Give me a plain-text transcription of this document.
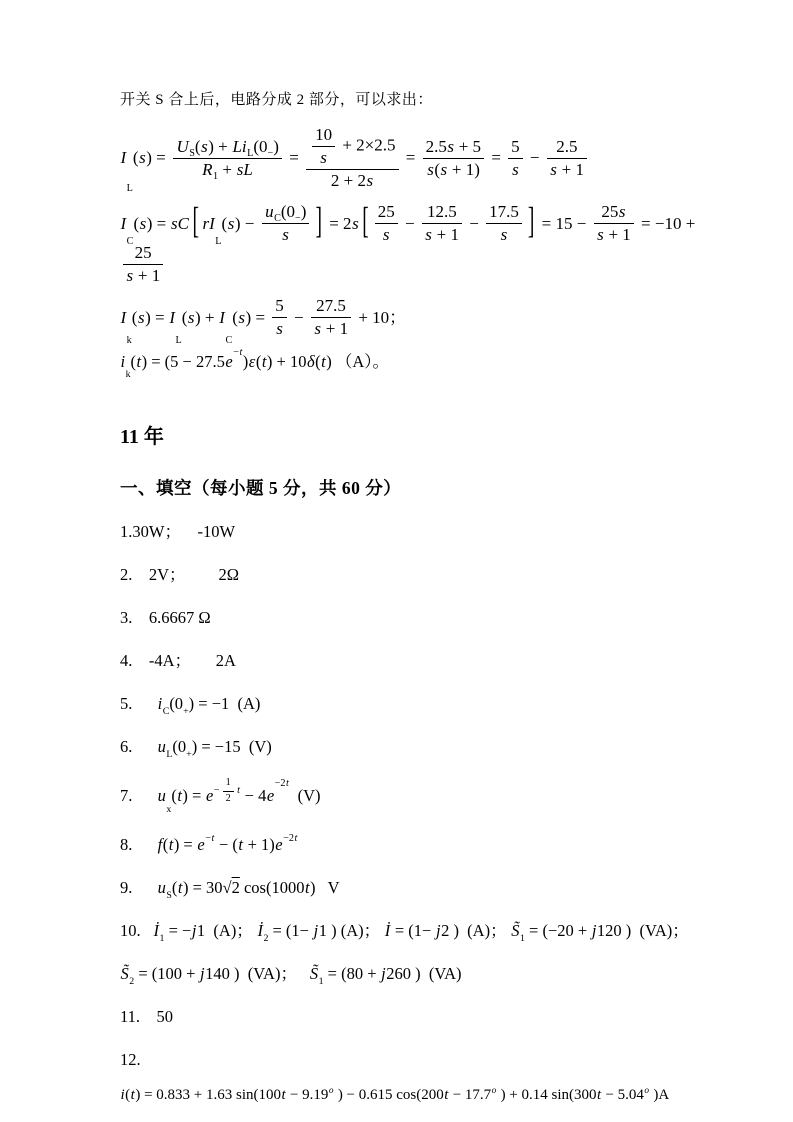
开关 S 合上后，电路分成 2 部分，可以求出：
I
L
( s ) =
$U_S(s) + Li_L(0_-)$
$R_1$ + sL
= $\frac{\frac{10}{s} + 2\times 2.5}{2 + 2s} = \frac{2.5s + 5}{s(s + 1)} = \frac{5}{s} - \frac{2.5}{s + 1}$
I
C
( s ) = sC [ rI
L
( s ) − $\frac{u_C(0_-)}{s}$ ] = 2 s [ $\frac{25}{s} - \frac{12.5}{s + 1} - \frac{17.5}{s}$ ] = $15 - \frac{25s}{s + 1} = -10$ +
$\frac{25}{s + 1}$
I
k
( s ) = I
L
( s ) + I
C
( s ) = $\frac{5}{s} - \frac{27.5}{s + 1} + 10$；
i
k
( t ) = (5 − 27.5 e − t ) ε ( t ) + 10 δ ( t ) （A）。
11 年
一、填空（每小题 5 分，共 60 分）
1.30W；    -10W
2.    2V；        2Ω
3.    6.6667 Ω
4.    -4A；      2A
5. i C (0 + ) = −1  (A)
6. u L (0 + ) = −15  (V)
7. u
x
( t ) = $e - \frac{1}{2}$ t − 4 e
−2 t
(V)
8. f ( t ) = e − t − ( t + 1) e −2 t
9. u S ( t ) = 30√ 2 cos(1000 t )   V
10. İ 1 = − j 1  (A)； İ 2 = (1− j 1 ) (A)； İ = (1− j 2 )  (A)； S̃ 1 = (−20 + j 120 )  (VA)；
S̃ 2 = (100 + j 140 )  (VA)； S̃ 1 = (80 + j 260 )  (VA)
11.    50
12.
i ( t ) = 0.833 + 1.63 sin(100 t − 9.19 o ) − 0.615 cos(200 t − 17.7 o ) + 0.14 sin(300 t − 5.04 o )A
